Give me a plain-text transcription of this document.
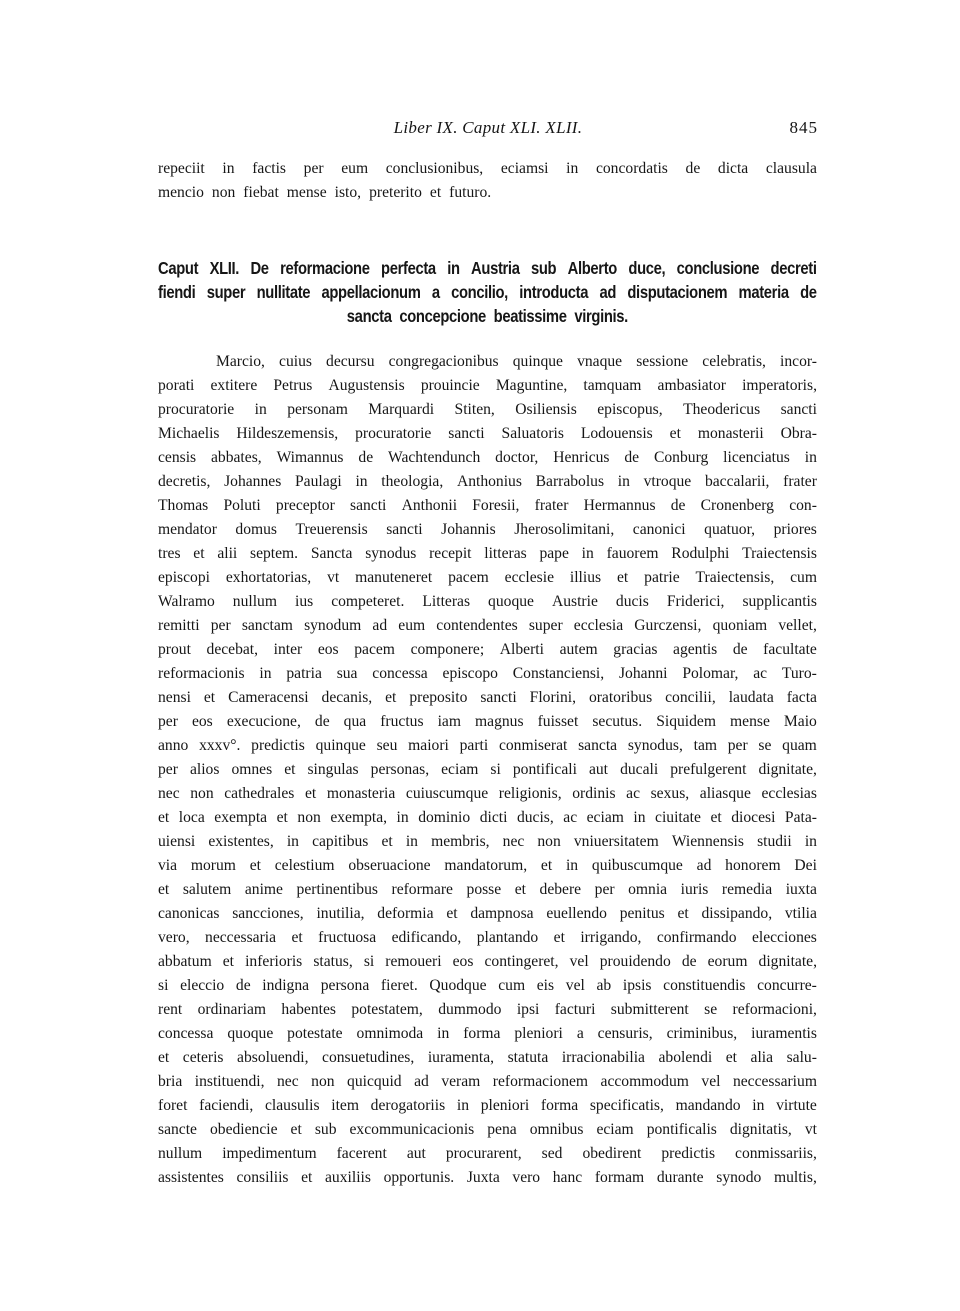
Liber IX. Caput XLI. XLII.	845
repeciit in factis per eum conclusionibus, eciamsi in concordatis de dicta clausula
mencio non fiebat mense isto, preterito et futuro.
Caput XLII. De reformacione perfecta in Austria sub Alberto duce, conclusione decreti
fiendi super nullitate appellacionum a concilio, introducta ad disputacionem materia de
sancta concepcione beatissime virginis.
Marcio, cuius decursu congregacionibus quinque vnaque sessione celebratis, incor-
porati extitere Petrus Augustensis prouincie Maguntine, tamquam ambasiator imperatoris,
procuratorie in personam Marquardi Stiten, Osiliensis episcopus, Theodericus sancti
Michaelis Hildeszemensis, procuratorie sancti Saluatoris Lodouensis et monasterii Obra-
censis abbates, Wimannus de Wachtendunch doctor, Henricus de Conburg licenciatus in
decretis, Johannes Paulagi in theologia, Anthonius Barrabolus in vtroque baccalarii, frater
Thomas Poluti preceptor sancti Anthonii Foresii, frater Hermannus de Cronenberg con-
mendator domus Treuerensis sancti Johannis Jherosolimitani, canonici quatuor, priores
tres et alii septem. Sancta synodus recepit litteras pape in fauorem Rodulphi Traiectensis
episcopi exhortatorias, vt manuteneret pacem ecclesie illius et patrie Traiectensis, cum
Walramo nullum ius competeret. Litteras quoque Austrie ducis Friderici, supplicantis
remitti per sanctam synodum ad eum contendentes super ecclesia Gurczensi, quoniam vellet,
prout decebat, inter eos pacem componere; Alberti autem gracias agentis de facultate
reformacionis in patria sua concessa episcopo Constanciensi, Johanni Polomar, ac Turo-
nensi et Cameracensi decanis, et preposito sancti Florini, oratoribus concilii, laudata facta
per eos execucione, de qua fructus iam magnus fuisset secutus. Siquidem mense Maio
anno xxxv°. predictis quinque seu maiori parti conmiserat sancta synodus, tam per se quam
per alios omnes et singulas personas, eciam si pontificali aut ducali prefulgerent dignitate,
nec non cathedrales et monasteria cuiuscumque religionis, ordinis ac sexus, aliasque ecclesias
et loca exempta et non exempta, in dominio dicti ducis, ac eciam in ciuitate et diocesi Pata-
uiensi existentes, in capitibus et in membris, nec non vniuersitatem Wiennensis studii in
via morum et celestium obseruacione mandatorum, et in quibuscumque ad honorem Dei
et salutem anime pertinentibus reformare posse et debere per omnia iuris remedia iuxta
canonicas sancciones, inutilia, deformia et dampnosa euellendo penitus et dissipando, vtilia
vero, neccessaria et fructuosa edificando, plantando et irrigando, confirmando elecciones
abbatum et inferioris status, si remoueri eos contingeret, vel prouidendo de eorum dignitate,
si eleccio de indigna persona fieret. Quodque cum eis vel ab ipsis constituendis concurre-
rent ordinariam habentes potestatem, dummodo ipsi facturi submitterent se reformacioni,
concessa quoque potestate omnimoda in forma pleniori a censuris, criminibus, iuramentis
et ceteris absoluendi, consuetudines, iuramenta, statuta irracionabilia abolendi et alia salu-
bria instituendi, nec non quicquid ad veram reformacionem accommodum vel neccessarium
foret faciendi, clausulis item derogatoriis in pleniori forma specificatis, mandando in virtute
sancte obediencie et sub excommunicacionis pena omnibus eciam pontificalis dignitatis, vt
nullum impedimentum facerent aut procurarent, sed obedirent predictis conmissariis,
assistentes consiliis et auxiliis opportunis. Juxta vero hanc formam durante synodo multis,
